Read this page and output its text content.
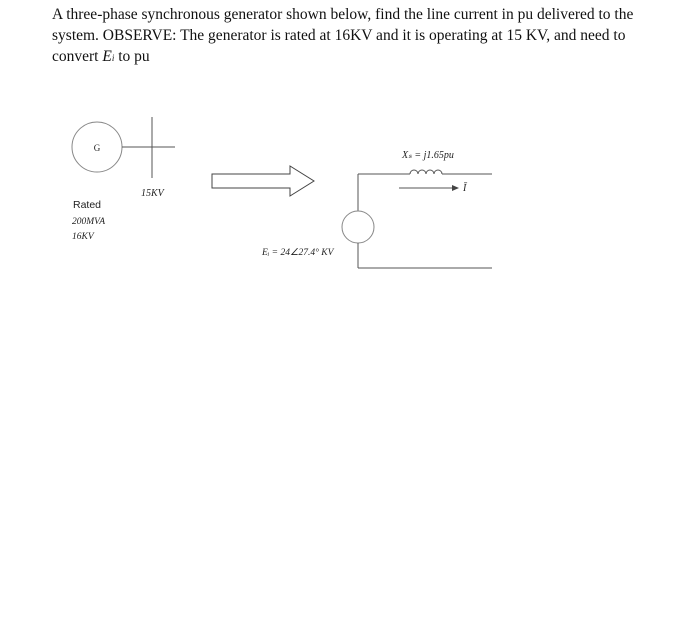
A three-phase synchronous generator shown below, find the line current in pu delivered to the system. OBSERVE: The generator is rated at 16KV and it is operating at 15 KV, and need to convert Ei to pu

G
15KV
Rated
200MVA
16KV
Xₛ = j1.65pu
Ī
Eᵢ = 24∠27.4° KV
